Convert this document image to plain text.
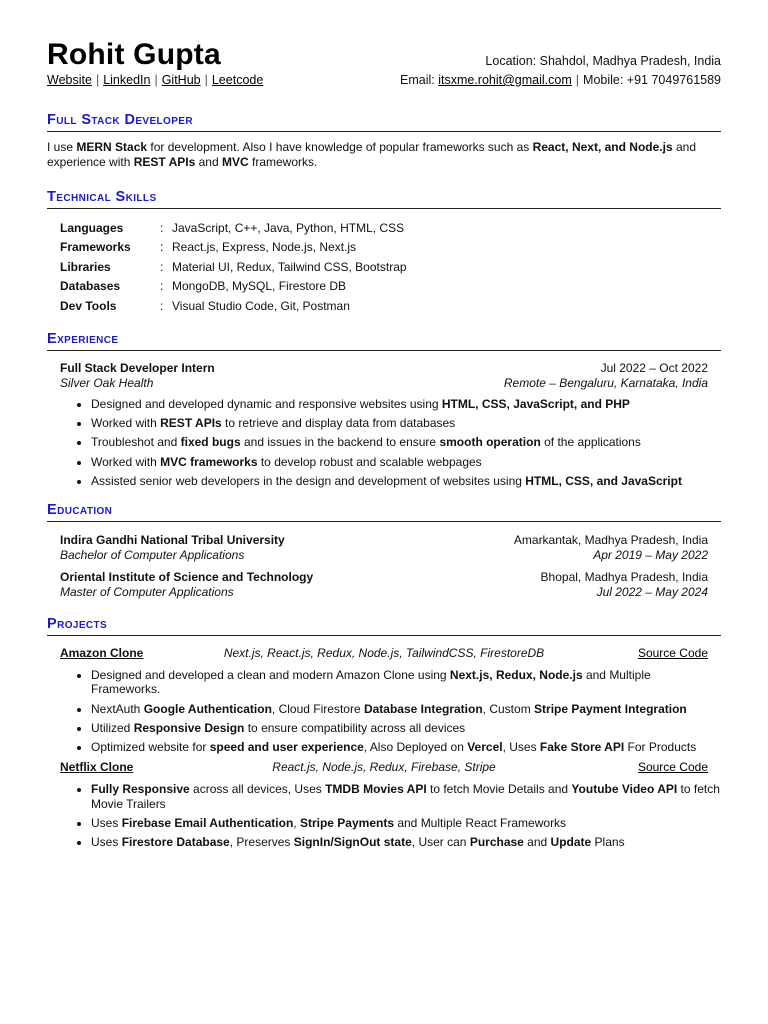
Rohit Gupta
Website | LinkedIn | GitHub | Leetcode
Location: Shahdol, Madhya Pradesh, India
Email: itsxme.rohit@gmail.com | Mobile: +91 7049761589
Full Stack Developer

I use MERN Stack for development. Also I have knowledge of popular frameworks such as React, Next, and Node.js and experience with REST APIs and MVC frameworks.

Technical Skills
Languages	:	JavaScript, C++, Java, Python, HTML, CSS
Frameworks	:	React.js, Express, Node.js, Next.js
Libraries	:	Material UI, Redux, Tailwind CSS, Bootstrap
Databases	:	MongoDB, MySQL, Firestore DB
Dev Tools	:	Visual Studio Code, Git, Postman
Experience
Full Stack Developer Intern	Jul 2022 – Oct 2022
Silver Oak Health	Remote – Bengaluru, Karnataka, India
• Designed and developed dynamic and responsive websites using HTML, CSS, JavaScript, and PHP
• Worked with REST APIs to retrieve and display data from databases
• Troubleshot and fixed bugs and issues in the backend to ensure smooth operation of the applications
• Worked with MVC frameworks to develop robust and scalable webpages
• Assisted senior web developers in the design and development of websites using HTML, CSS, and JavaScript
Education
Indira Gandhi National Tribal University	Amarkantak, Madhya Pradesh, India
Bachelor of Computer Applications	Apr 2019 – May 2022
Oriental Institute of Science and Technology	Bhopal, Madhya Pradesh, India
Master of Computer Applications	Jul 2022 – May 2024
Projects
Amazon Clone	Next.js, React.js, Redux, Node.js, TailwindCSS, FirestoreDB	Source Code
• Designed and developed a clean and modern Amazon Clone using Next.js, Redux, Node.js and Multiple Frameworks.
• NextAuth Google Authentication, Cloud Firestore Database Integration, Custom Stripe Payment Integration
• Utilized Responsive Design to ensure compatibility across all devices
• Optimized website for speed and user experience, Also Deployed on Vercel, Uses Fake Store API For Products
Netflix Clone	React.js, Node.js, Redux, Firebase, Stripe	Source Code
• Fully Responsive across all devices, Uses TMDB Movies API to fetch Movie Details and Youtube Video API to fetch Movie Trailers
• Uses Firebase Email Authentication, Stripe Payments and Multiple React Frameworks
• Uses Firestore Database, Preserves SignIn/SignOut state, User can Purchase and Update Plans
